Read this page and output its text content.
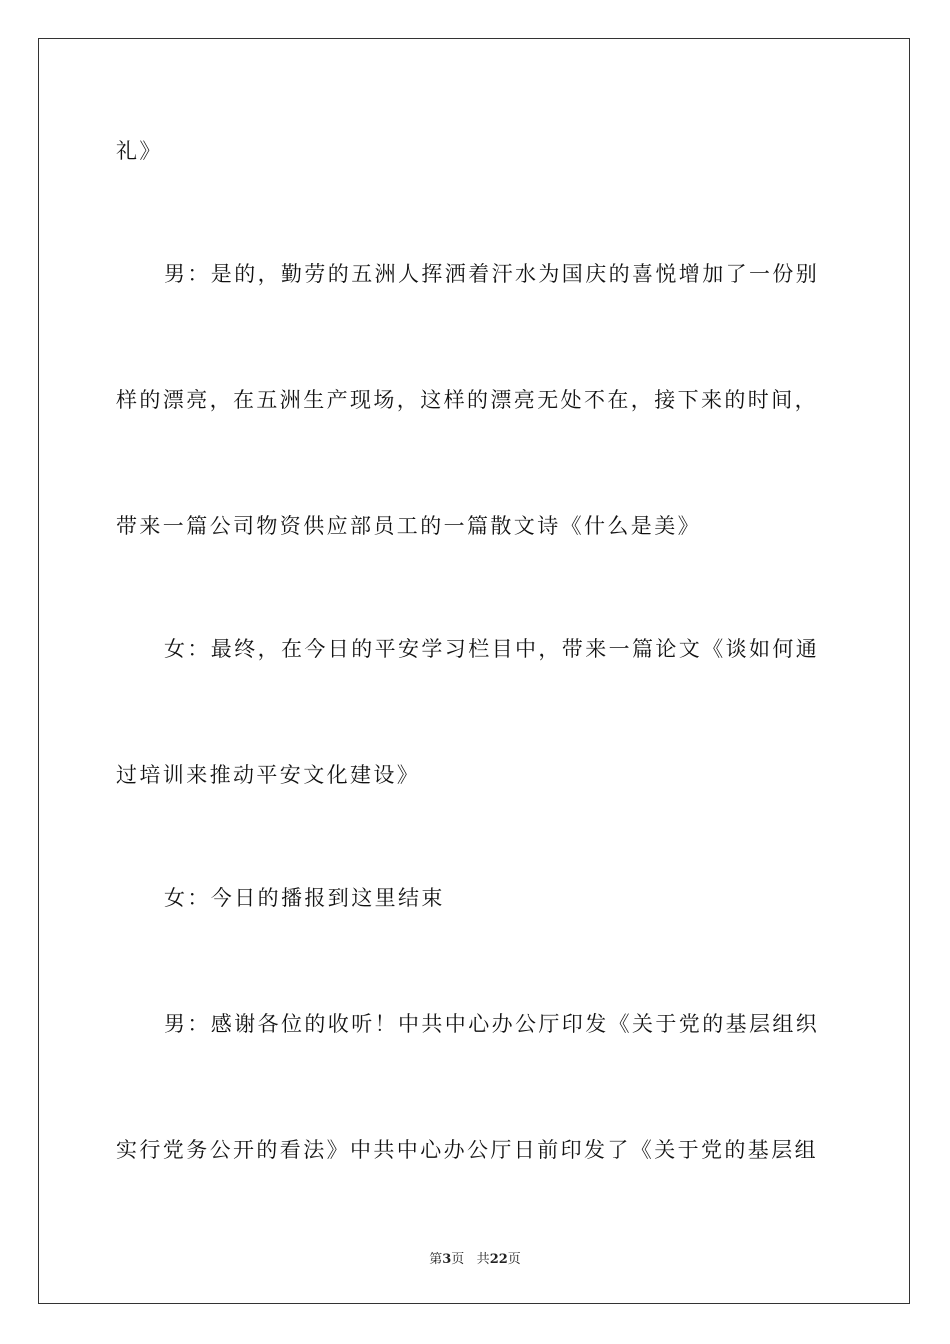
礼》

男：是的，勤劳的五洲人挥洒着汗水为国庆的喜悦增加了一份别

样的漂亮，在五洲生产现场，这样的漂亮无处不在，接下来的时间，

带来一篇公司物资供应部员工的一篇散文诗《什么是美》

女：最终，在今日的平安学习栏目中，带来一篇论文《谈如何通

过培训来推动平安文化建设》

女：今日的播报到这里结束

男：感谢各位的收听！中共中心办公厅印发《关于党的基层组织

实行党务公开的看法》中共中心办公厅日前印发了《关于党的基层组

第3页 共22页
